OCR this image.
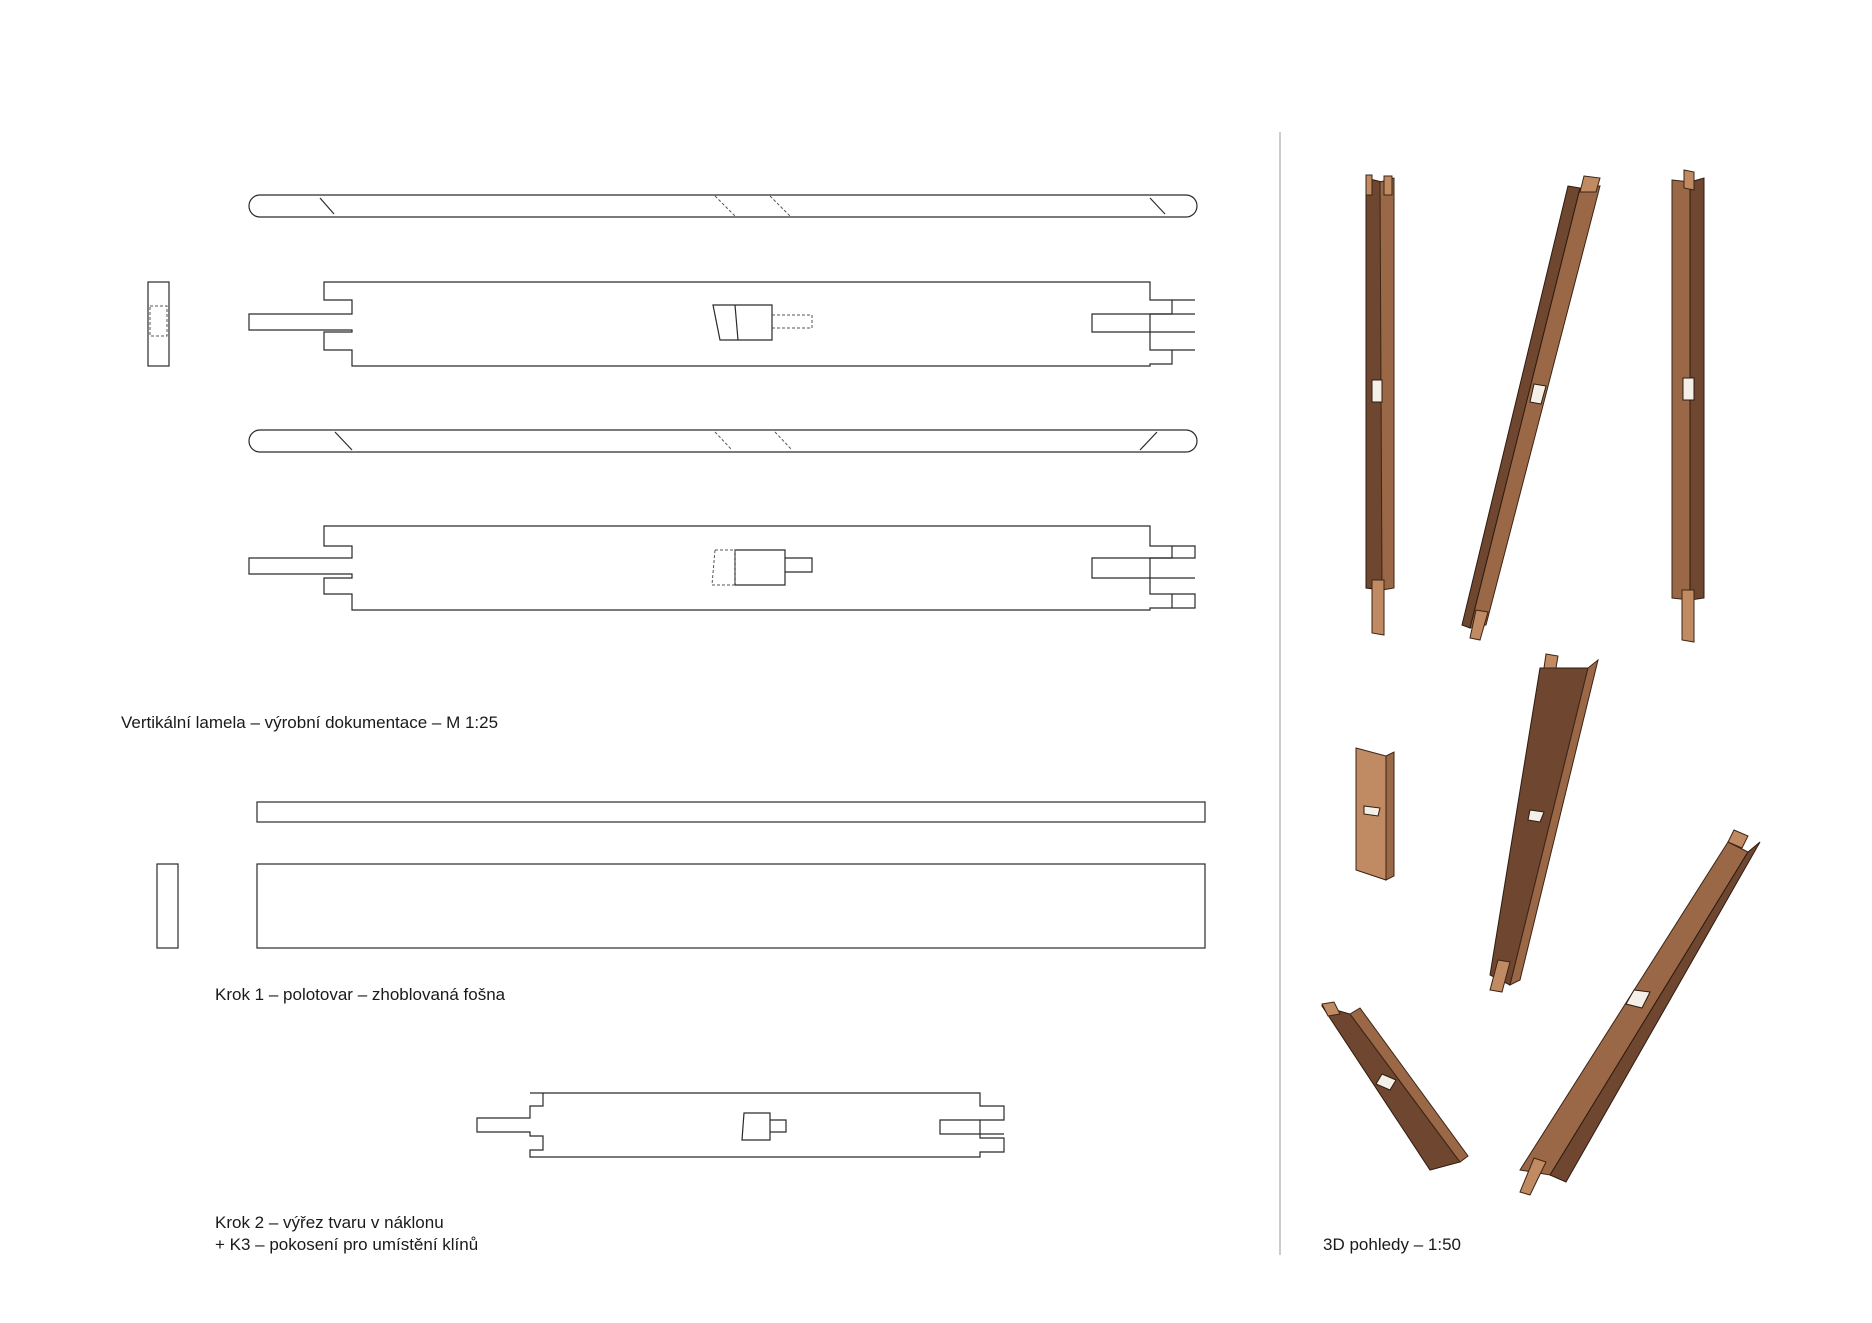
Vertikální lamela – výrobní dokumentace – M 1:25
Krok 1 – polotovar – zhoblovaná fošna
Krok 2 – výřez tvaru v náklonu
+ K3 – pokosení pro umístění klínů	3D pohledy – 1:50
